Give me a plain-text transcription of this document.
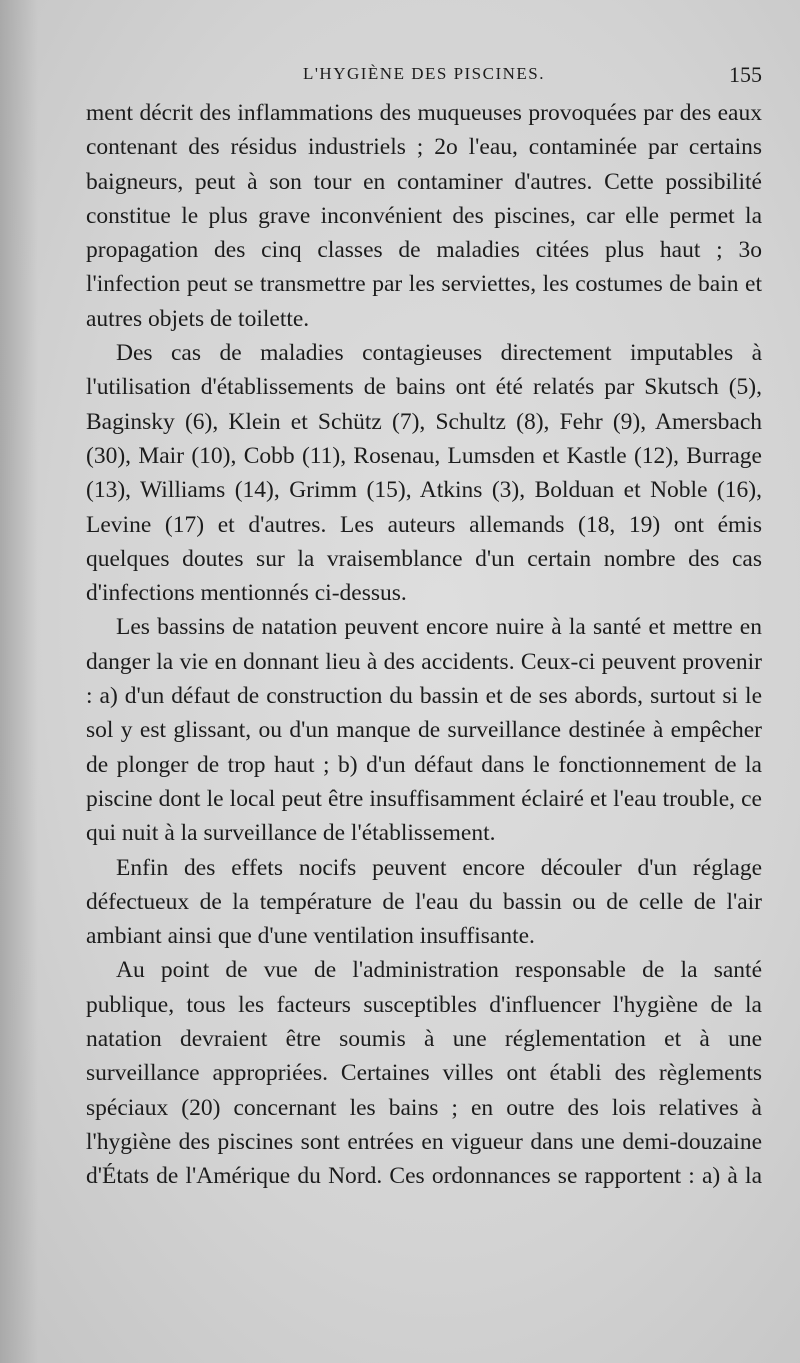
L'HYGIÈNE DES PISCINES.	155

ment décrit des inflammations des muqueuses provoquées par des eaux contenant des résidus industriels ; 2o l'eau, contaminée par certains baigneurs, peut à son tour en contaminer d'autres. Cette possibilité constitue le plus grave inconvénient des piscines, car elle permet la propagation des cinq classes de maladies citées plus haut ; 3o l'infection peut se transmettre par les serviettes, les costumes de bain et autres objets de toilette.

Des cas de maladies contagieuses directement imputables à l'utilisation d'établissements de bains ont été relatés par Skutsch (5), Baginsky (6), Klein et Schütz (7), Schultz (8), Fehr (9), Amersbach (30), Mair (10), Cobb (11), Rosenau, Lumsden et Kastle (12), Burrage (13), Williams (14), Grimm (15), Atkins (3), Bolduan et Noble (16), Levine (17) et d'autres. Les auteurs allemands (18, 19) ont émis quelques doutes sur la vraisemblance d'un certain nombre des cas d'infections mentionnés ci-dessus.

Les bassins de natation peuvent encore nuire à la santé et mettre en danger la vie en donnant lieu à des accidents. Ceux-ci peuvent provenir : a) d'un défaut de construction du bassin et de ses abords, surtout si le sol y est glissant, ou d'un manque de surveillance destinée à empêcher de plonger de trop haut ; b) d'un défaut dans le fonctionnement de la piscine dont le local peut être insuffisamment éclairé et l'eau trouble, ce qui nuit à la surveillance de l'établissement.

Enfin des effets nocifs peuvent encore découler d'un réglage défectueux de la température de l'eau du bassin ou de celle de l'air ambiant ainsi que d'une ventilation insuffisante.

Au point de vue de l'administration responsable de la santé publique, tous les facteurs susceptibles d'influencer l'hygiène de la natation devraient être soumis à une réglementation et à une surveillance appropriées. Certaines villes ont établi des règlements spéciaux (20) concernant les bains ; en outre des lois relatives à l'hygiène des piscines sont entrées en vigueur dans une demi-douzaine d'États de l'Amérique du Nord. Ces ordonnances se rapportent : a) à la
